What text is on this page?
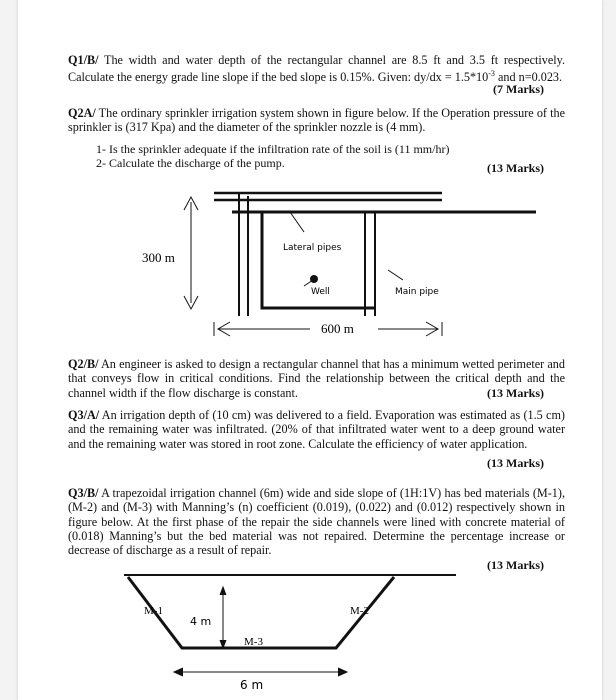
Q1/B/ The width and water depth of the rectangular channel are 8.5 ft and 3.5 ft respectively. Calculate the energy grade line slope if the bed slope is 0.15%. Given: $dy/dx = 1.5*10^{-3}$ and n=0.023.
(7 Marks)
Q2A/ The ordinary sprinkler irrigation system shown in figure below. If the Operation pressure of the sprinkler is (317 Kpa) and the diameter of the sprinkler nozzle is (4 mm).
1- Is the sprinkler adequate if the infiltration rate of the soil is (11 mm/hr)
2- Calculate the discharge of the pump.	(13 Marks)
300 m
Lateral pipes
Well	Main pipe
600 m
Q2/B/ An engineer is asked to design a rectangular channel that has a minimum wetted perimeter and that conveys flow in critical conditions. Find the relationship between the critical depth and the channel width if the flow discharge is constant.	(13 Marks)
Q3/A/ An irrigation depth of (10 cm) was delivered to a field. Evaporation was estimated as (1.5 cm) and the remaining water was infiltrated. (20% of that infiltrated water went to a deep ground water and the remaining water was stored in root zone. Calculate the efficiency of water application.
(13 Marks)
Q3/B/ A trapezoidal irrigation channel (6m) wide and side slope of (1H:1V) has bed materials (M-1), (M-2) and (M-3) with Manning’s (n) coefficient (0.019), (0.022) and (0.012) respectively shown in figure below. At the first phase of the repair the side channels were lined with concrete material of (0.018) Manning’s but the bed material was not repaired. Determine the percentage increase or decrease of discharge as a result of repair.
(13 Marks)
4 m
M-1	M-2
M-3
6 m
